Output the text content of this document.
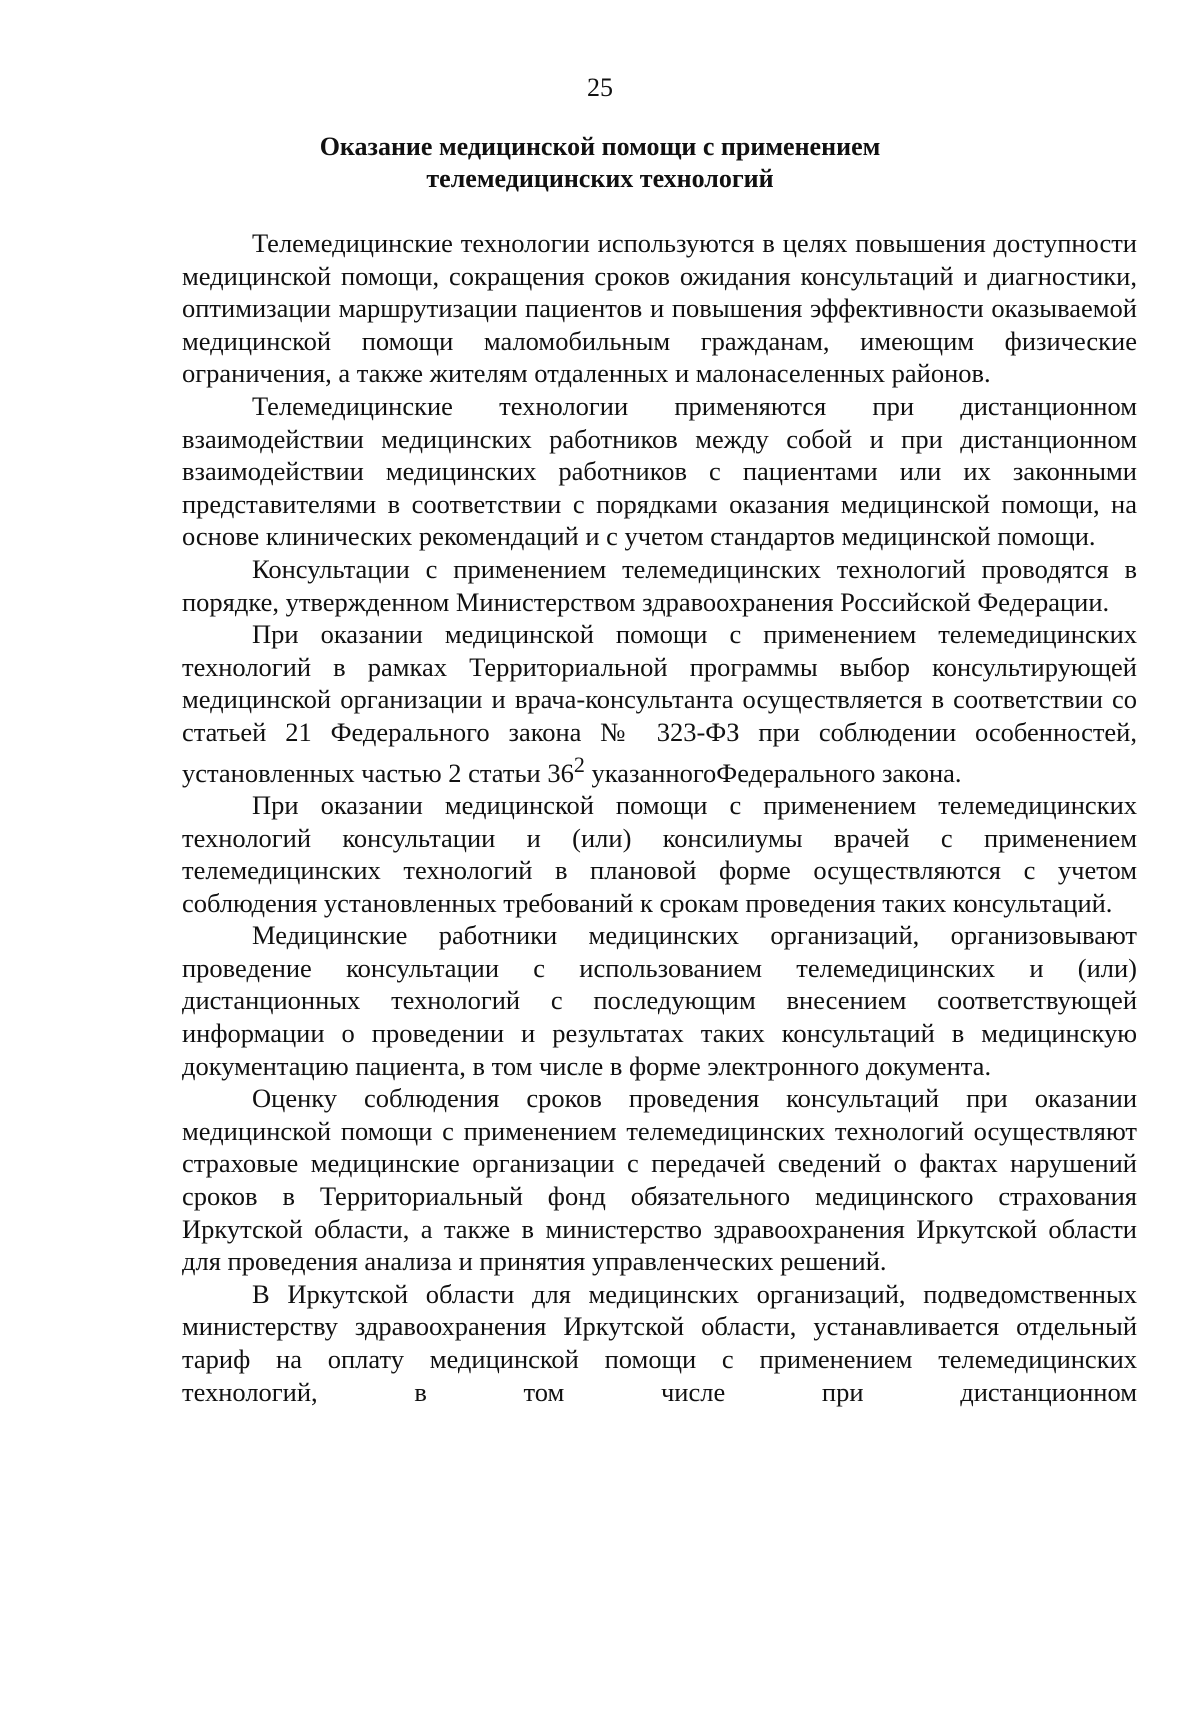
25
Оказание медицинской помощи с применением
телемедицинских технологий

Телемедицинские технологии используются в целях повышения доступности медицинской помощи, сокращения сроков ожидания консультаций и диагностики, оптимизации маршрутизации пациентов и повышения эффективности оказываемой медицинской помощи маломобильным гражданам, имеющим физические ограничения, а также жителям отдаленных и малонаселенных районов.

Телемедицинские технологии применяются при дистанционном взаимодействии медицинских работников между собой и при дистанционном взаимодействии медицинских работников с пациентами или их законными представителями в соответствии с порядками оказания медицинской помощи, на основе клинических рекомендаций и с учетом стандартов медицинской помощи.

Консультации с применением телемедицинских технологий проводятся в порядке, утвержденном Министерством здравоохранения Российской Федерации.

При оказании медицинской помощи с применением телемедицинских технологий в рамках Территориальной программы выбор консультирующей медицинской организации и врача-консультанта осуществляется в соответствии со статьей 21 Федерального закона № 323-ФЗ при соблюдении особенностей, установленных частью 2 статьи $36^2$ указанногоФедерального закона.

При оказании медицинской помощи с применением телемедицинских технологий консультации и (или) консилиумы врачей с применением телемедицинских технологий в плановой форме осуществляются с учетом соблюдения установленных требований к срокам проведения таких консультаций.

Медицинские работники медицинских организаций, организовывают проведение консультации с использованием телемедицинских и (или) дистанционных технологий с последующим внесением соответствующей информации о проведении и результатах таких консультаций в медицинскую документацию пациента, в том числе в форме электронного документа.

Оценку соблюдения сроков проведения консультаций при оказании медицинской помощи с применением телемедицинских технологий осуществляют страховые медицинские организации с передачей сведений о фактах нарушений сроков в Территориальный фонд обязательного медицинского страхования Иркутской области, а также в министерство здравоохранения Иркутской области для проведения анализа и принятия управленческих решений.

В Иркутской области для медицинских организаций, подведомственных министерству здравоохранения Иркутской области, устанавливается отдельный тариф на оплату медицинской помощи с применением телемедицинских технологий, в том числе при дистанционном
